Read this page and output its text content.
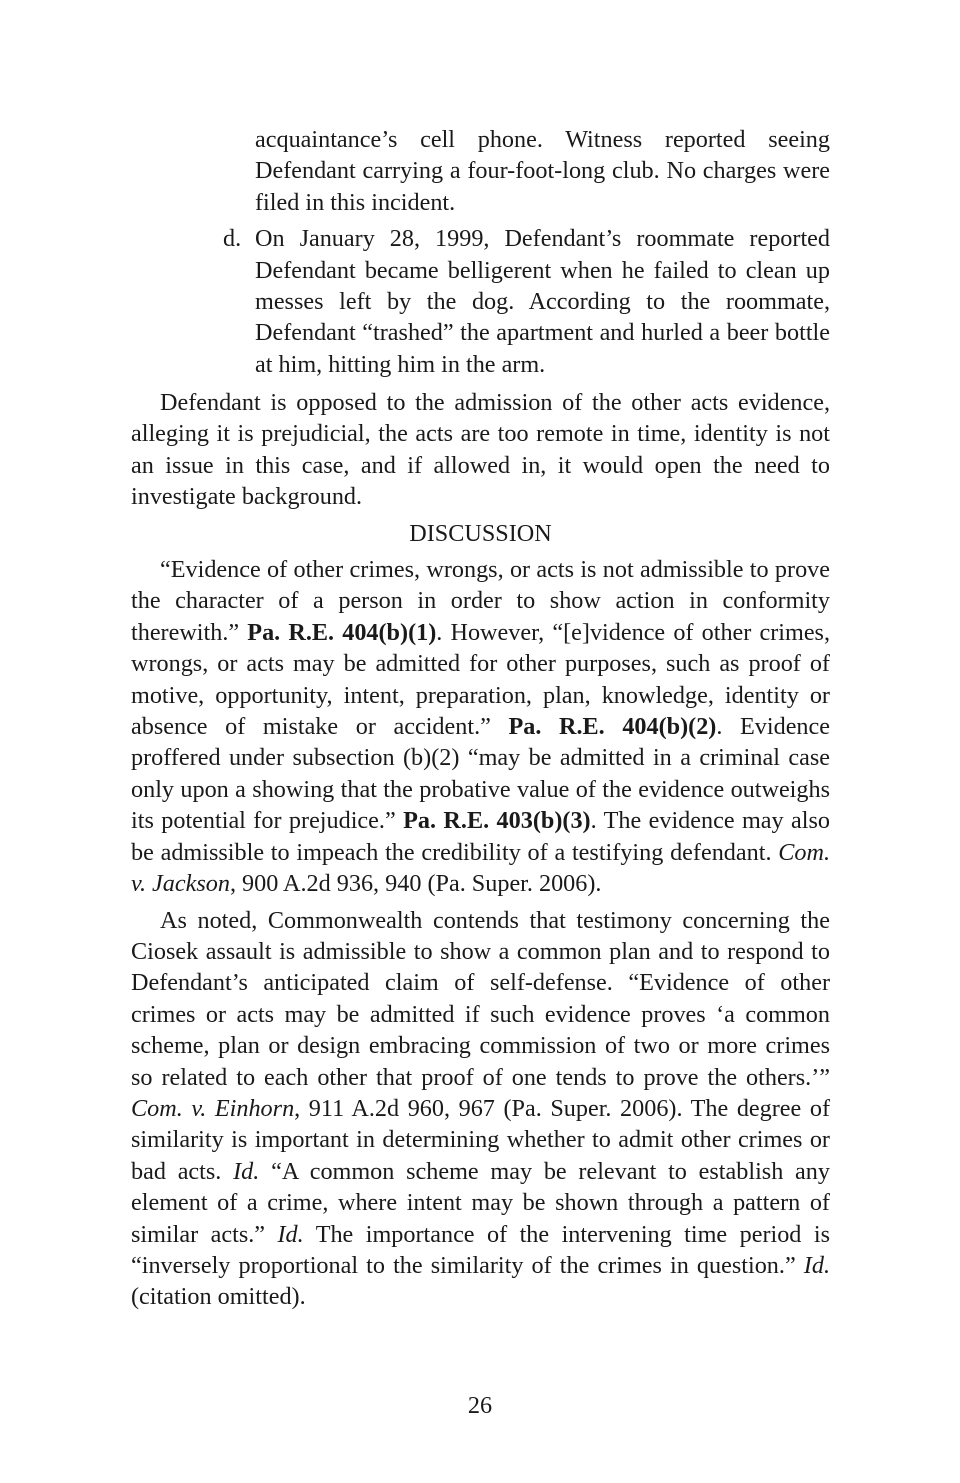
acquaintance’s cell phone. Witness reported seeing Defendant carrying a four-foot-long club. No charges were filed in this incident.

d. On January 28, 1999, Defendant’s roommate reported Defendant became belligerent when he failed to clean up messes left by the dog. According to the roommate, Defendant “trashed” the apartment and hurled a beer bottle at him, hitting him in the arm.

Defendant is opposed to the admission of the other acts evidence, alleging it is prejudicial, the acts are too remote in time, identity is not an issue in this case, and if allowed in, it would open the need to investigate background.

DISCUSSION

“Evidence of other crimes, wrongs, or acts is not admissible to prove the character of a person in order to show action in conformity therewith.” Pa. R.E. 404(b)(1). However, “[e]vidence of other crimes, wrongs, or acts may be admitted for other purposes, such as proof of motive, opportunity, intent, preparation, plan, knowledge, identity or absence of mistake or accident.” Pa. R.E. 404(b)(2). Evidence proffered under subsection (b)(2) “may be admitted in a criminal case only upon a showing that the probative value of the evidence outweighs its potential for prejudice.” Pa. R.E. 403(b)(3). The evidence may also be admissible to impeach the credibility of a testifying defendant. Com. v. Jackson, 900 A.2d 936, 940 (Pa. Super. 2006).

As noted, Commonwealth contends that testimony concerning the Ciosek assault is admissible to show a common plan and to respond to Defendant’s anticipated claim of self-defense. “Evidence of other crimes or acts may be admitted if such evidence proves ‘a common scheme, plan or design embracing commission of two or more crimes so related to each other that proof of one tends to prove the others.’” Com. v. Einhorn, 911 A.2d 960, 967 (Pa. Super. 2006). The degree of similarity is important in determining whether to admit other crimes or bad acts. Id. “A common scheme may be relevant to establish any element of a crime, where intent may be shown through a pattern of similar acts.” Id. The importance of the intervening time period is “inversely proportional to the similarity of the crimes in question.” Id. (citation omitted).

26
